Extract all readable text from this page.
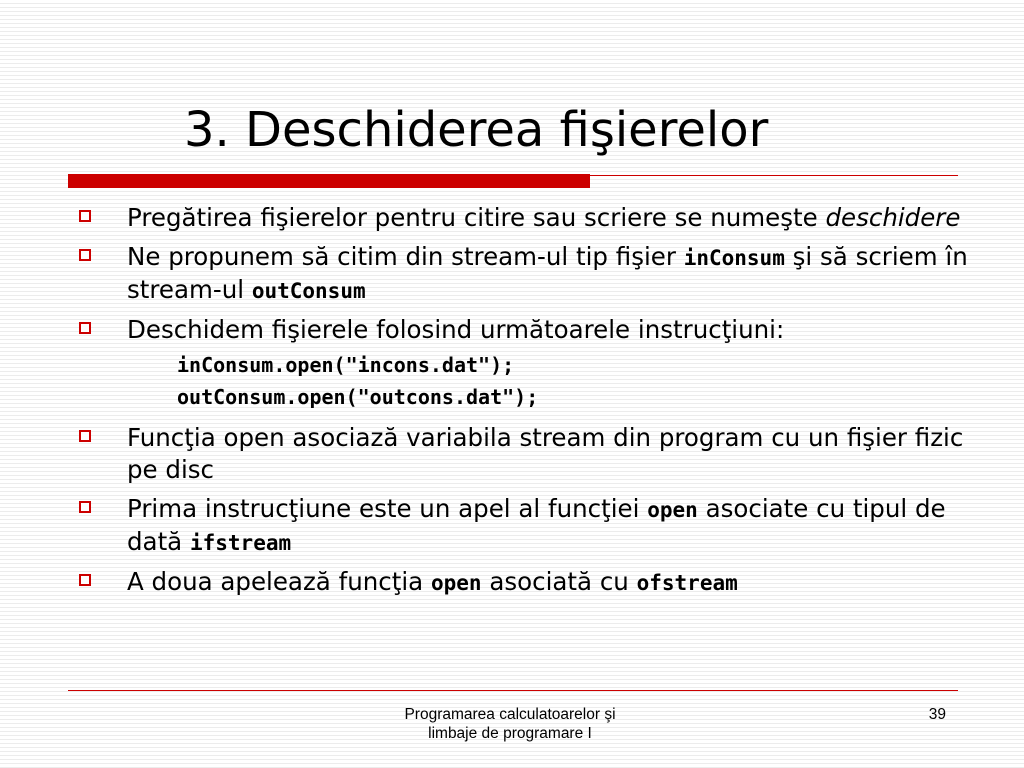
3. Deschiderea fişierelor
Pregătirea fişierelor pentru citire sau scriere se numeşte deschidere
Ne propunem să citim din stream-ul tip fişier inConsum şi să scriem în stream-ul outConsum
Deschidem fişierele folosind următoarele instrucţiuni:
inConsum.open("incons.dat");
outConsum.open("outcons.dat");
Funcţia open asociază variabila stream din program cu un fişier fizic pe disc
Prima instrucţiune este un apel al funcţiei open asociate cu tipul de dată ifstream
A doua apelează funcţia open asociată cu ofstream
Programarea calculatoarelor şi
limbaje de programare I
39
